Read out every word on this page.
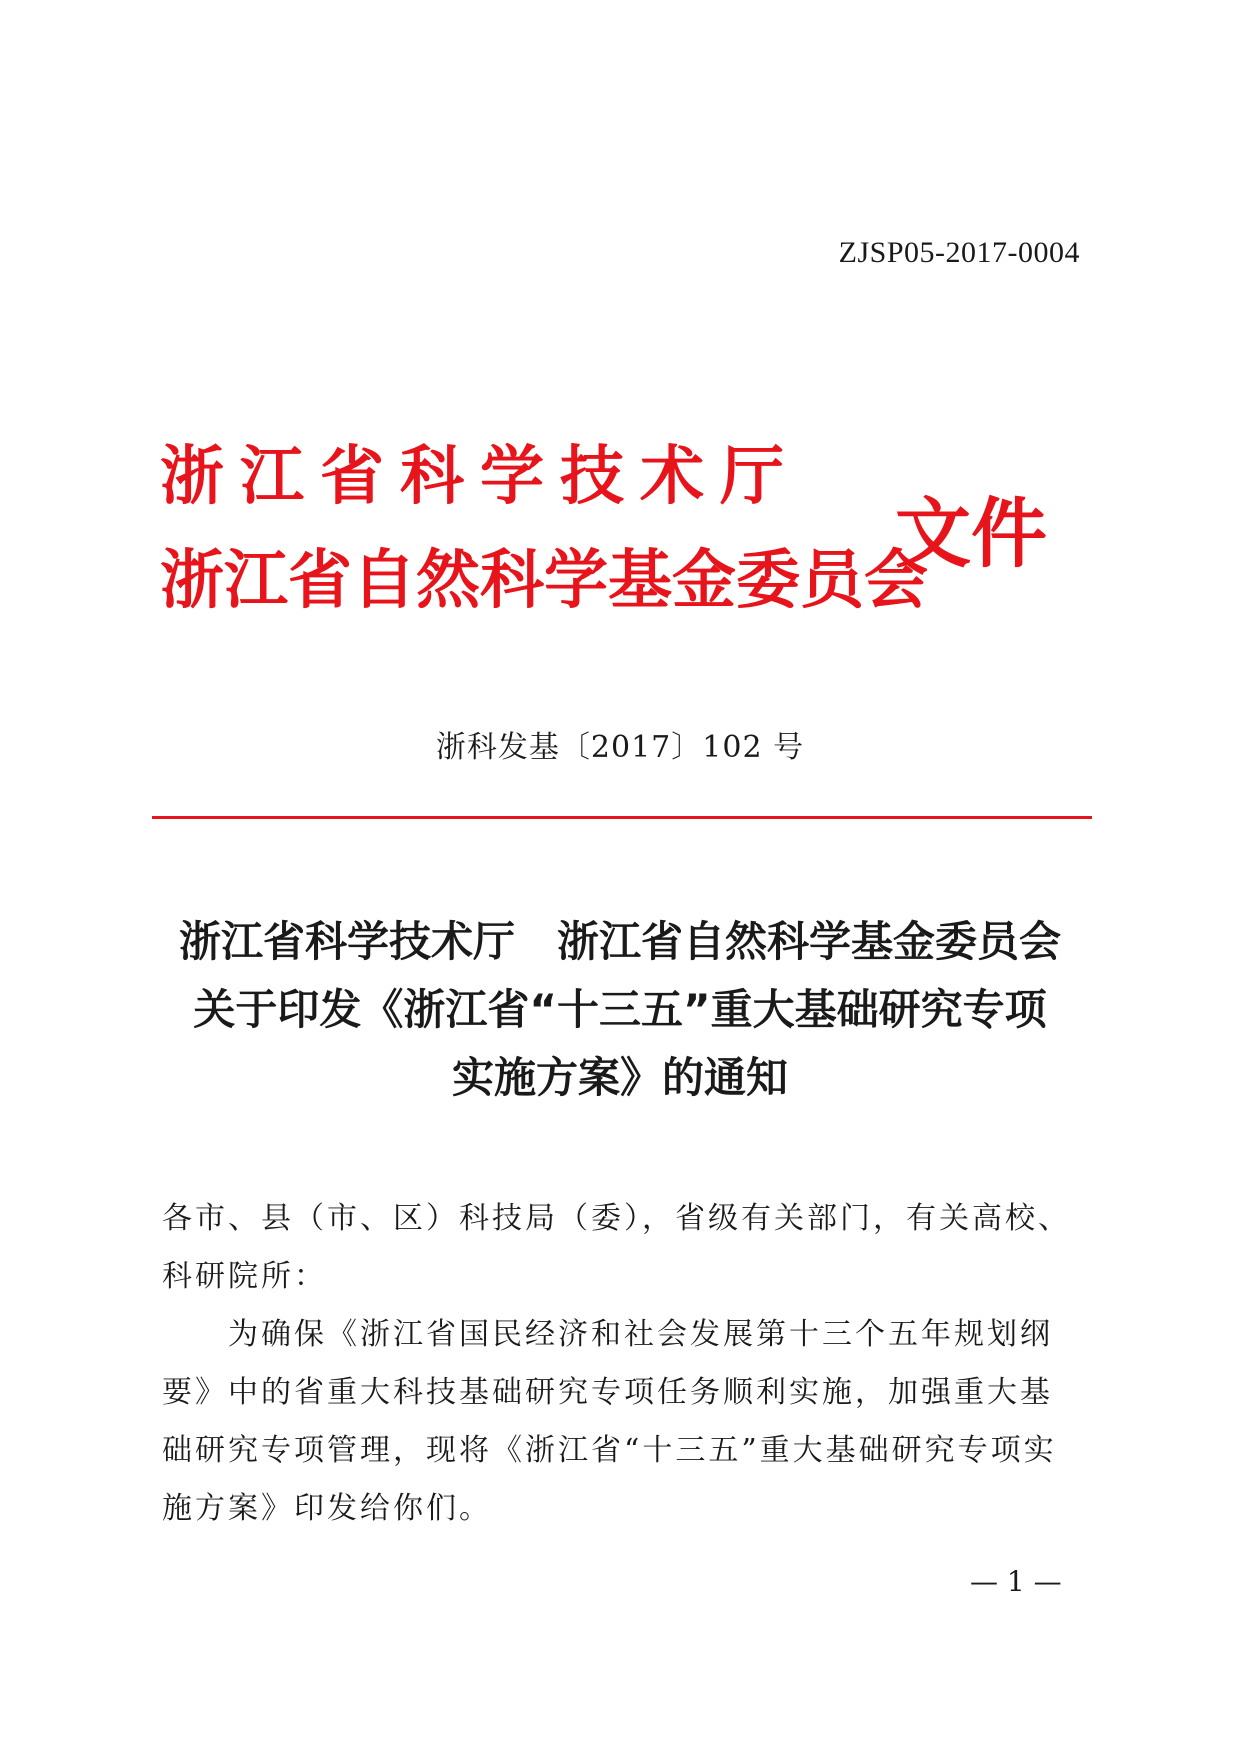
ZJSP05-2017-0004
浙江省科学技术厅
浙江省自然科学基金委员会
文件
浙科发基〔2017〕102 号
浙江省科学技术厅　浙江省自然科学基金委员会
关于印发《浙江省“十三五”重大基础研究专项
实施方案》的通知

各市、县（市、区）科技局（委），省级有关部门，有关高校、科研院所：

为确保《浙江省国民经济和社会发展第十三个五年规划纲要》中的省重大科技基础研究专项任务顺利实施，加强重大基础研究专项管理，现将《浙江省“十三五”重大基础研究专项实施方案》印发给你们。

— 1 —
